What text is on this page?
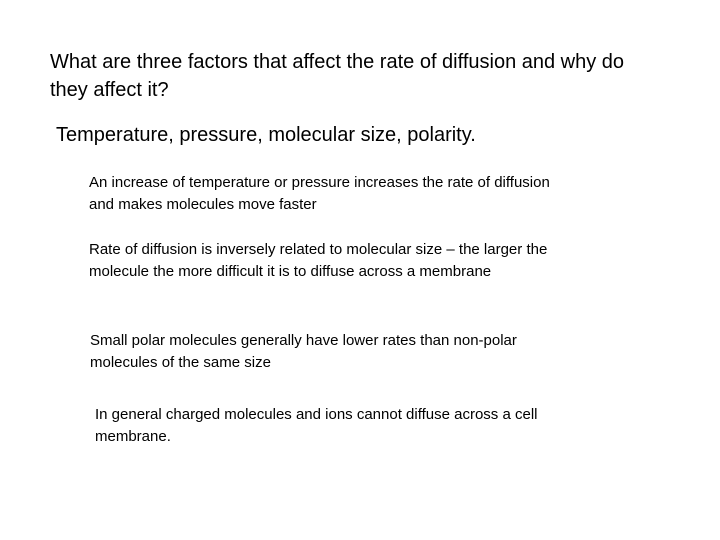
What are three factors that affect the rate of diffusion and why do they affect it?

Temperature, pressure, molecular size, polarity.

An increase of temperature or pressure increases the rate of diffusion and makes molecules move faster

Rate of diffusion is inversely related to molecular size – the larger the molecule the more difficult it is to diffuse across a membrane

Small polar molecules generally have lower rates than non-polar molecules of the same size

In general charged molecules and ions cannot diffuse across a cell membrane.
